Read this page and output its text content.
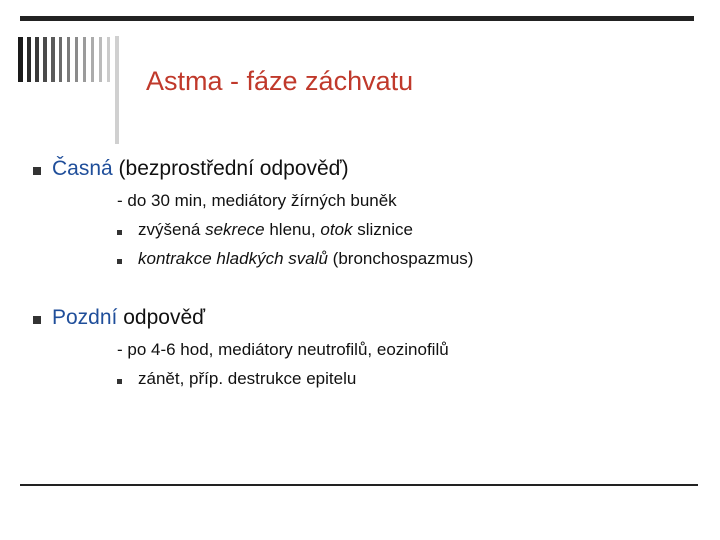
Astma - fáze záchvatu
Časná (bezprostřední odpověď)
- do 30 min, mediátory žírných buněk
zvýšená sekrece hlenu, otok sliznice
kontrakce hladkých svalů (bronchospazmus)
Pozdní odpověď
- po 4-6 hod, mediátory neutrofilů, eozinofilů
zánět, příp. destrukce epitelu
